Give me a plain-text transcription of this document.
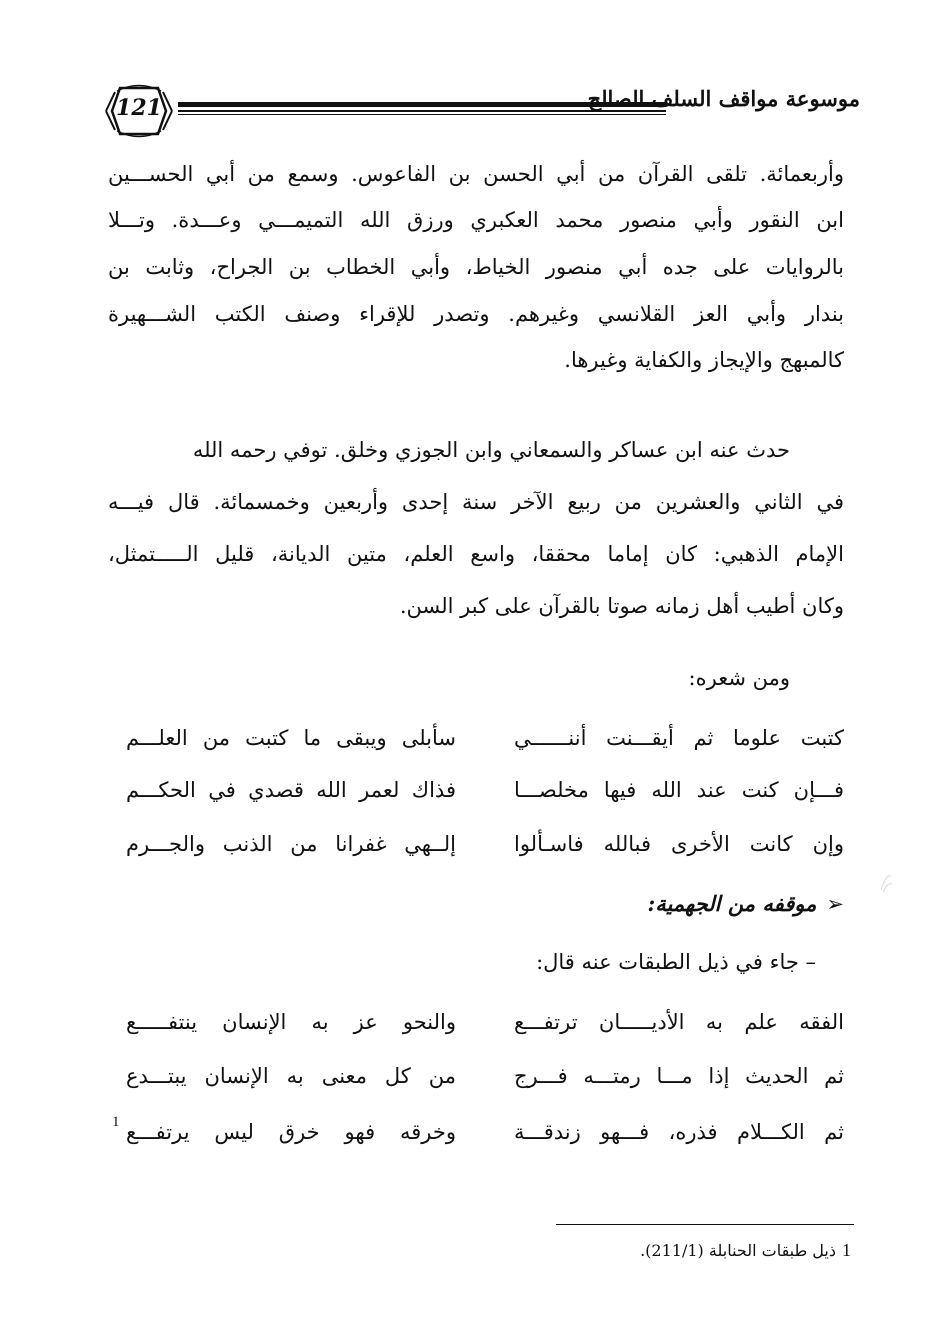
121	موسوعة مواقف السلف الصالح
وأربعمائة. تلقى القرآن من أبي الحسن بن الفاعوس. وسمع من أبي الحســـين
ابن النقور وأبي منصور محمد العكبري ورزق الله التميمـــي وعـــدة. وتـــلا
بالروايات على جده أبي منصور الخياط، وأبي الخطاب بن الجراح، وثابت بن
بندار وأبي العز القلانسي وغيرهم. وتصدر للإقراء وصنف الكتب الشـــهيرة
كالمبهج والإيجاز والكفاية وغيرها.
حدث عنه ابن عساكر والسمعاني وابن الجوزي وخلق. توفي رحمه الله
في الثاني والعشرين من ربيع الآخر سنة إحدى وأربعين وخمسمائة. قال فيـــه
الإمام الذهبي: كان إماما محققا، واسع العلم، متين الديانة، قليل الـــــتمثل،
وكان أطيب أهل زمانه صوتا بالقرآن على كبر السن.
ومن شعره:
كتبت علوما ثم أيقـــنت أننــــــي
سأبلى ويبقى ما كتبت من العلـــم
فـــإن كنت عند الله فيها مخلصـــا
فذاك لعمر الله قصدي في الحكـــم
وإن كانت الأخرى فبالله فاسـألوا
إلــهي غفرانا من الذنب والجـــرم
➢موقفه من الجهمية:
– جاء في ذيل الطبقات عنه قال:
الفقه علم به الأديـــــان ترتفـــع
والنحو عز به الإنسان ينتفـــــع
ثم الحديث إذا مـــا رمتـــه فـــرج
من كل معنى به الإنسان يبتـــدع
ثم الكـــلام فذره، فـــهو زندقـــة
وخرقه فهو خرق ليس يرتفـــع
1
1ذيل طبقات الحنابلة (211/1).
